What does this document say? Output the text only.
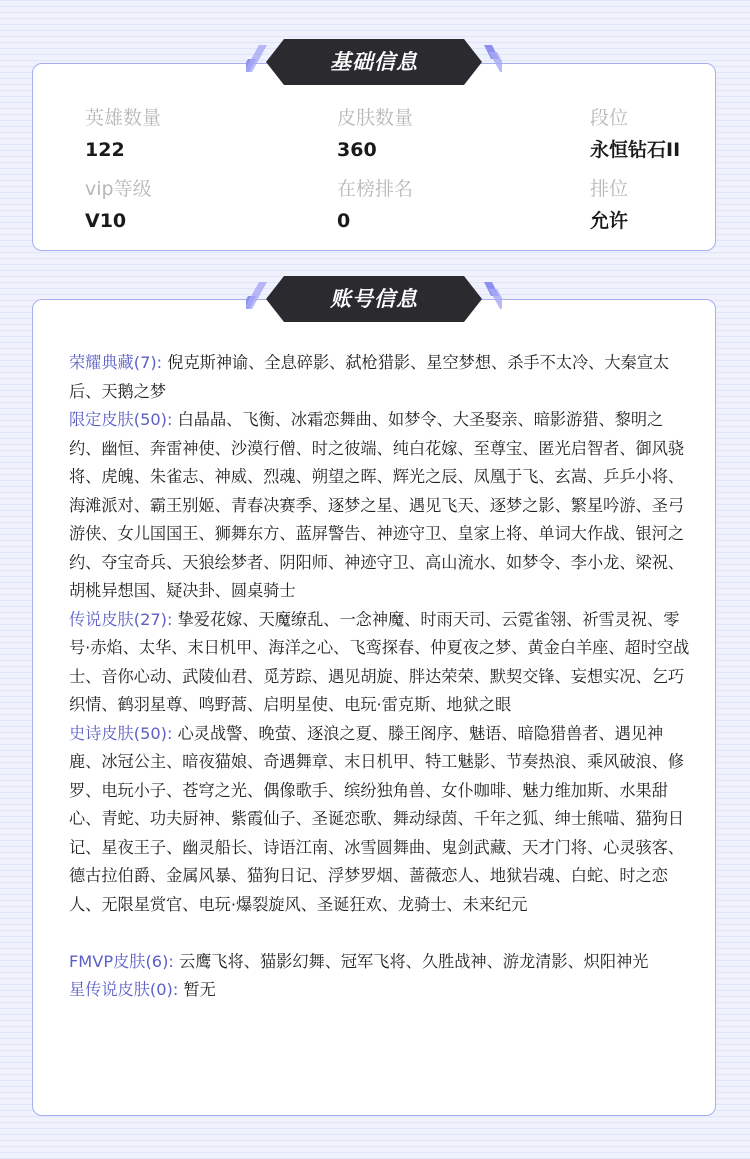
英雄数量
122
皮肤数量
360
段位
永恒钻石II
vip等级
V10
在榜排名
0
排位
允许
基础信息

荣耀典藏(7): 倪克斯神谕、全息碎影、弑枪猎影、星空梦想、杀手不太冷、大秦宣太后、天鹅之梦

限定皮肤(50): 白晶晶、飞衡、冰霜恋舞曲、如梦令、大圣娶亲、暗影游猎、黎明之约、幽恒、奔雷神使、沙漠行僧、时之彼端、纯白花嫁、至尊宝、匿光启智者、御风骁将、虎魄、朱雀志、神威、烈魂、朔望之晖、辉光之辰、凤凰于飞、玄嵩、乒乒小将、海滩派对、霸王别姬、青春决赛季、逐梦之星、遇见飞天、逐梦之影、繁星吟游、圣弓游侠、女儿国国王、狮舞东方、蓝屏警告、神迹守卫、皇家上将、单词大作战、银河之约、夺宝奇兵、天狼绘梦者、阴阳师、神迹守卫、高山流水、如梦令、李小龙、梁祝、胡桃异想国、疑决卦、圆桌骑士

传说皮肤(27): 挚爱花嫁、天魔缭乱、一念神魔、时雨天司、云霓雀翎、祈雪灵祝、零号·赤焰、太华、末日机甲、海洋之心、飞鸾探春、仲夏夜之梦、黄金白羊座、超时空战士、音你心动、武陵仙君、觅芳踪、遇见胡旋、胖达荣荣、默契交锋、妄想实况、乞巧织情、鹤羽星尊、鸣野蒿、启明星使、电玩·雷克斯、地狱之眼

史诗皮肤(50): 心灵战警、晚萤、逐浪之夏、滕王阁序、魅语、暗隐猎兽者、遇见神鹿、冰冠公主、暗夜猫娘、奇遇舞章、末日机甲、特工魅影、节奏热浪、乘风破浪、修罗、电玩小子、苍穹之光、偶像歌手、缤纷独角兽、女仆咖啡、魅力维加斯、水果甜心、青蛇、功夫厨神、紫霞仙子、圣诞恋歌、舞动绿茵、千年之狐、绅士熊喵、猫狗日记、星夜王子、幽灵船长、诗语江南、冰雪圆舞曲、鬼剑武藏、天才门将、心灵骇客、德古拉伯爵、金属风暴、猫狗日记、浮梦罗烟、蔷薇恋人、地狱岩魂、白蛇、时之恋人、无限星赏官、电玩·爆裂旋风、圣诞狂欢、龙骑士、未来纪元

FMVP皮肤(6): 云鹰飞将、猫影幻舞、冠军飞将、久胜战神、游龙清影、炽阳神光

星传说皮肤(0): 暂无

账号信息
